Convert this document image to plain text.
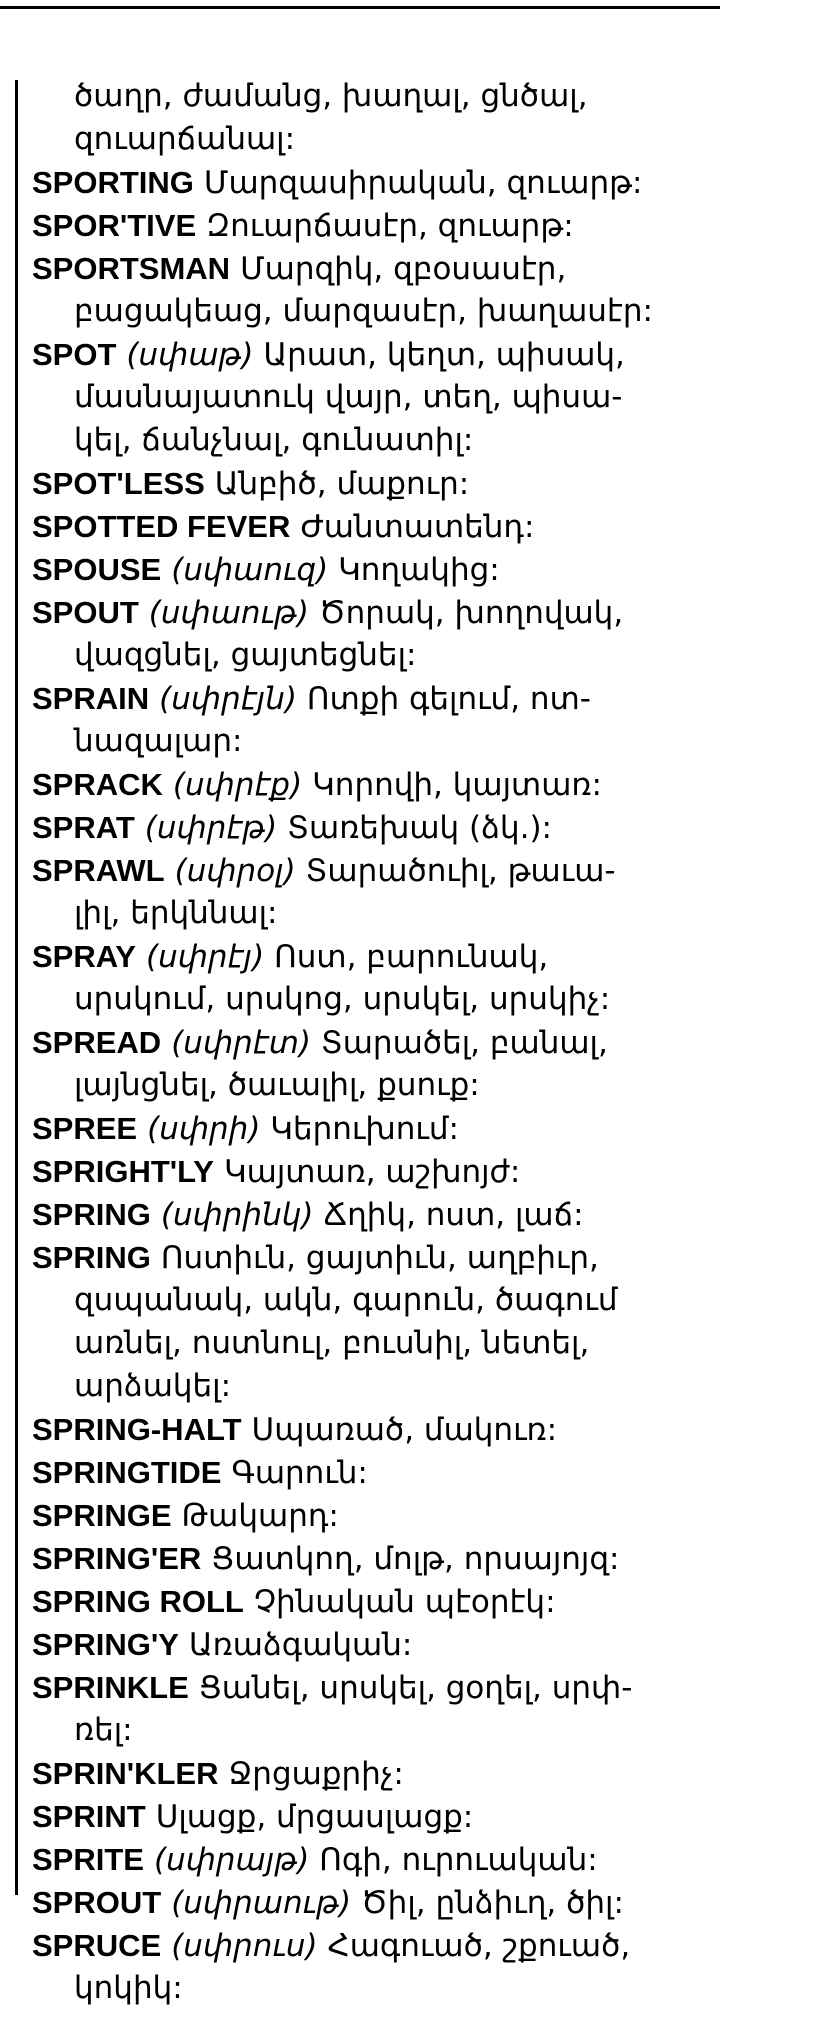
ծաղր, ժամանց, խաղալ, ցնծալ,
զուարճանալ:
SPORTING Մարզասիրական, զուարթ:
SPOR'TIVE Զուարճասէր, զուարթ:
SPORTSMAN Մարզիկ, զբօսասէր,
բացակեաց, մարզասէր, խաղասէր:
SPOT (սփաթ) Արատ, կեղտ, պիսակ,
մասնայատուկ վայր, տեղ, պիսա-
կել, ճանչնալ, գունատիլ:
SPOT'LESS Անբիծ, մաքուր:
SPOTTED FEVER Ժանտատենդ:
SPOUSE (սփաուզ) Կողակից:
SPOUT (սփաութ) Ծորակ, խողովակ,
վազցնել, ցայտեցնել:
SPRAIN (սփրէյն) Ոտքի գելում, ոտ-
նազալար:
SPRACK (սփրէք) Կորովի, կայտառ:
SPRAT (սփրէթ) Տառեխակ (ձկ.):
SPRAWL (սփրօլ) Տարածուիլ, թաւա-
լիլ, երկննալ:
SPRAY (սփրէյ) Ոստ, բարունակ,
սրսկում, սրսկոց, սրսկել, սրսկիչ:
SPREAD (սփրէտ) Տարածել, բանալ,
լայնցնել, ծաւալիլ, քսուք:
SPREE (սփրի) Կերուխում:
SPRIGHT'LY Կայտառ, աշխոյժ:
SPRING (սփրինկ) Ճղիկ, ոստ, լաճ:
SPRING Ոստիւն, ցայտիւն, աղբիւր,
զսպանակ, ակն, գարուն, ծագում
առնել, ոստնուլ, բուսնիլ, նետել,
արձակել:
SPRING-HALT Սպառած, մակուռ:
SPRINGTIDE Գարուն:
SPRINGE Թակարդ:
SPRING'ER Ցատկող, մոլթ, որսայոյզ:
SPRING ROLL Չինական պէօրէկ:
SPRING'Y Առաձգական:
SPRINKLE Ցանել, սրսկել, ցօղել, սրփ-
ռել:
SPRIN'KLER Ջրցաքրիչ:
SPRINT Սլացք, մրցասլացք:
SPRITE (սփրայթ) Ոգի, ուրուական:
SPROUT (սփրաութ) Ծիլ, ընձիւղ, ծիլ:
SPRUCE (սփրուս) Հագուած, շքուած,
կոկիկ:
